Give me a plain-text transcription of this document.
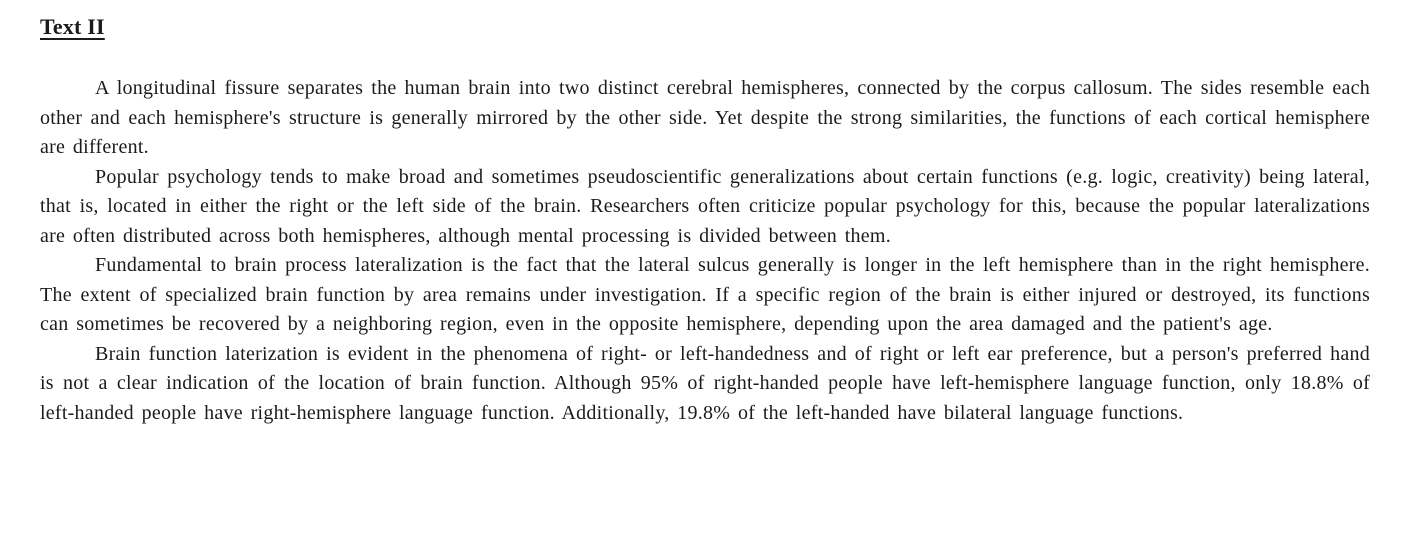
Text II

A longitudinal fissure separates the human brain into two distinct cerebral hemispheres, connected by the corpus callosum. The sides resemble each other and each hemisphere's structure is generally mirrored by the other side. Yet despite the strong similarities, the functions of each cortical hemisphere are different.

Popular psychology tends to make broad and sometimes pseudoscientific generalizations about certain functions (e.g. logic, creativity) being lateral, that is, located in either the right or the left side of the brain. Researchers often criticize popular psychology for this, because the popular lateralizations are often distributed across both hemispheres, although mental processing is divided between them.

Fundamental to brain process lateralization is the fact that the lateral sulcus generally is longer in the left hemisphere than in the right hemisphere. The extent of specialized brain function by area remains under investigation. If a specific region of the brain is either injured or destroyed, its functions can sometimes be recovered by a neighboring region, even in the opposite hemisphere, depending upon the area damaged and the patient's age.

Brain function laterization is evident in the phenomena of right- or left-handedness and of right or left ear preference, but a person's preferred hand is not a clear indication of the location of brain function. Although 95% of right-handed people have left-hemisphere language function, only 18.8% of left-handed people have right-hemisphere language function. Additionally, 19.8% of the left-handed have bilateral language functions.
